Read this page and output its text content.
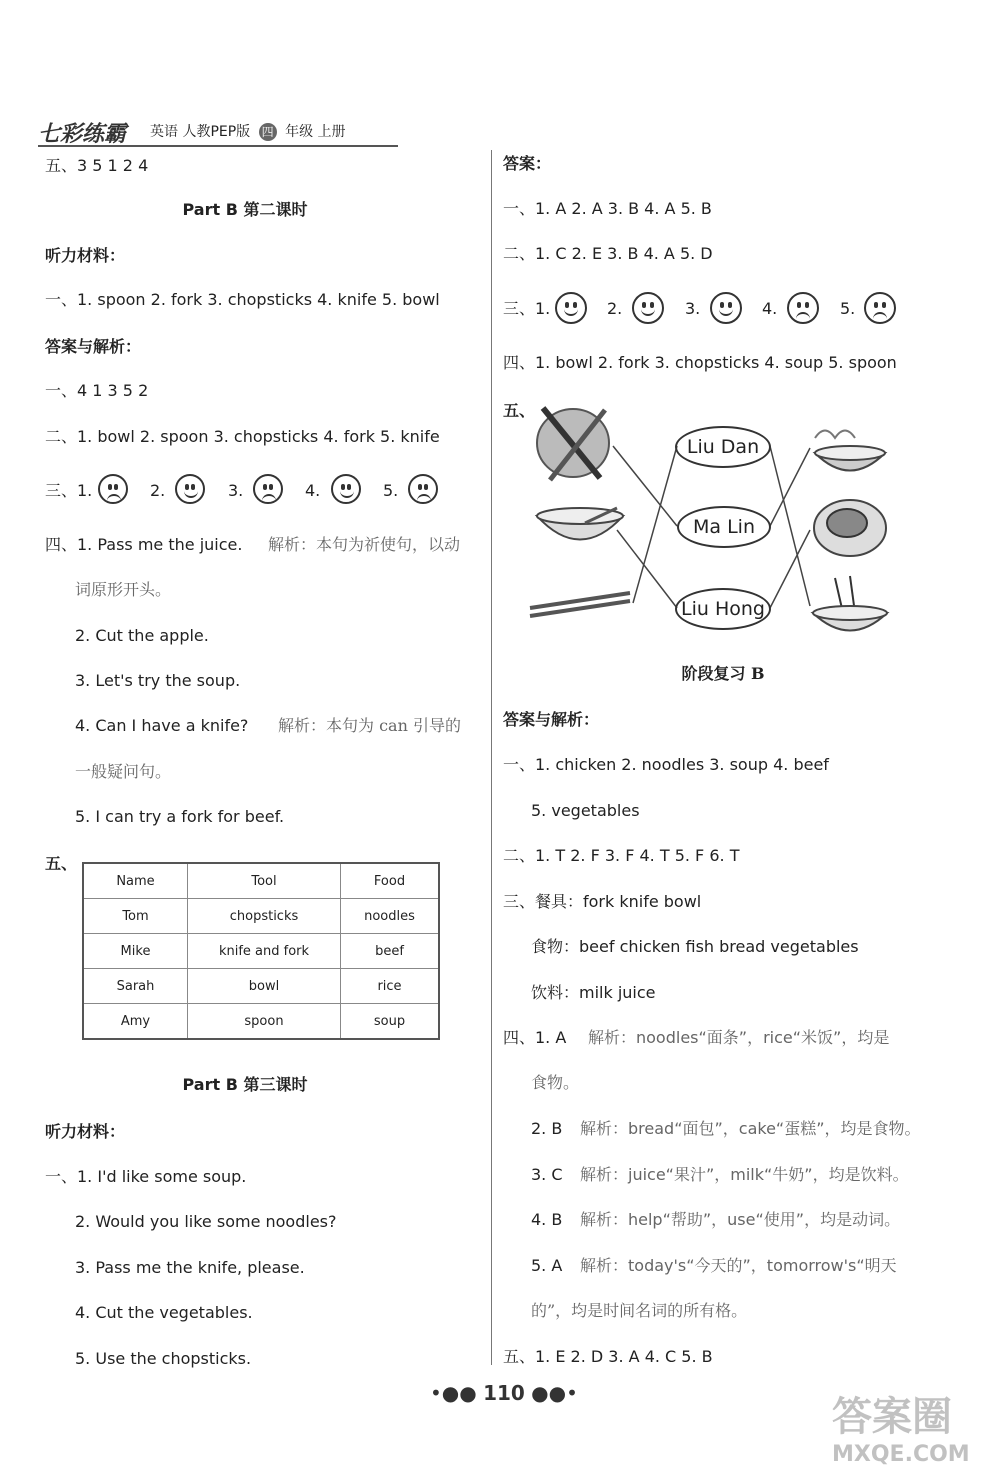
七彩练霸 英语 人教PEP版 四 年级 上册
五、3 5 1 2 4
Part B 第二课时
听力材料：
一、1. spoon 2. fork 3. chopsticks 4. knife 5. bowl
答案与解析：
一、4 1 3 5 2
二、1. bowl 2. spoon 3. chopsticks 4. fork 5. knife
三、1.	2.	3.	4.	5.
四、1. Pass me the juice. 解析：本句为祈使句，以动
词原形开头。
2. Cut the apple.
3. Let's try the soup.
4. Can I have a knife? 解析：本句为 can 引导的
一般疑问句。
5. I can try a fork for beef.
五、
Name	Tool	Food
Tom	chopsticks	noodles
Mike	knife and fork	beef
Sarah	bowl	rice
Amy	spoon	soup
Part B 第三课时
听力材料：
一、1. I'd like some soup.
2. Would you like some noodles?
3. Pass me the knife, please.
4. Cut the vegetables.
5. Use the chopsticks.
答案：
一、1. A 2. A 3. B 4. A 5. B
二、1. C 2. E 3. B 4. A 5. D
三、1.	2.	3.	4.	5.
四、1. bowl 2. fork 3. chopsticks 4. soup 5. spoon
五、
Liu Dan
Ma Lin
Liu Hong
阶段复习 B
答案与解析：
一、1. chicken 2. noodles 3. soup 4. beef
5. vegetables
二、1. T 2. F 3. F 4. T 5. F 6. T
三、餐具：fork knife bowl
食物：beef chicken fish bread vegetables
饮料：milk juice
四、1. A 解析：noodles“面条”，rice“米饭”，均是
食物。
2. B 解析：bread“面包”，cake“蛋糕”，均是食物。
3. C 解析：juice“果汁”，milk“牛奶”，均是饮料。
4. B 解析：help“帮助”，use“使用”，均是动词。
5. A 解析：today's“今天的”，tomorrow's“明天
的”，均是时间名词的所有格。
五、1. E 2. D 3. A 4. C 5. B
•●● 110 ●●•	答案圈
MXQE.COM
